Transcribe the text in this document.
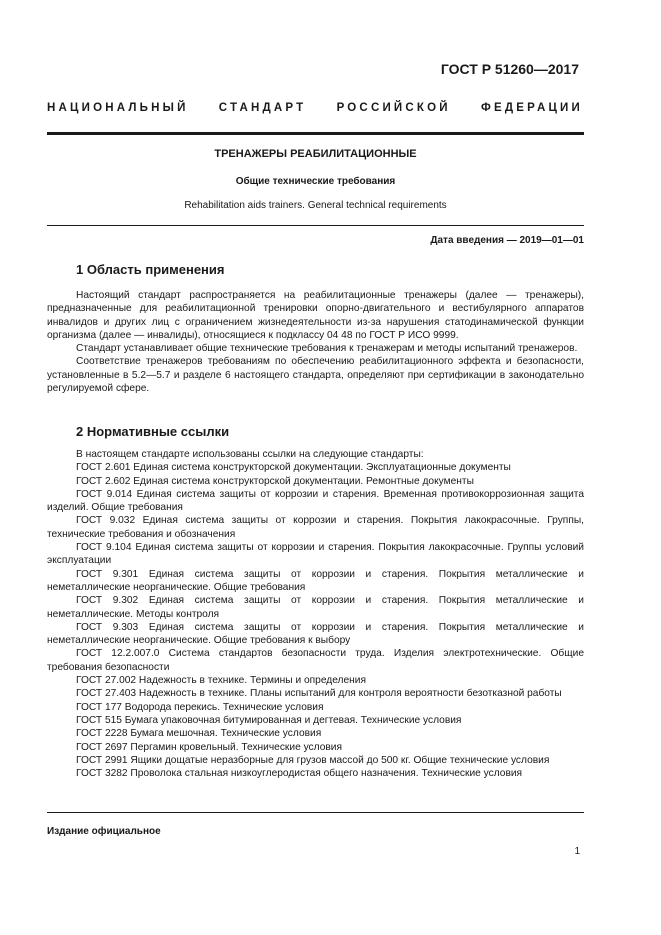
ГОСТ Р 51260—2017
НАЦИОНАЛЬНЫЙ СТАНДАРТ РОССИЙСКОЙ ФЕДЕРАЦИИ
ТРЕНАЖЕРЫ РЕАБИЛИТАЦИОННЫЕ
Общие технические требования
Rehabilitation aids trainers. General technical requirements
Дата введения — 2019—01—01
1 Область применения

Настоящий стандарт распространяется на реабилитационные тренажеры (далее — тренажеры), предназначенные для реабилитационной тренировки опорно-двигательного и вестибулярного аппаратов инвалидов и других лиц с ограничением жизнедеятельности из-за нарушения статодинамической функции организма (далее — инвалиды), относящиеся к подклассу 04 48 по ГОСТ Р ИСО 9999.

Стандарт устанавливает общие технические требования к тренажерам и методы испытаний тренажеров.

Соответствие тренажеров требованиям по обеспечению реабилитационного эффекта и безопасности, установленные в 5.2—5.7 и разделе 6 настоящего стандарта, определяют при сертификации в законодательно регулируемой сфере.

2 Нормативные ссылки

В настоящем стандарте использованы ссылки на следующие стандарты:

ГОСТ 2.601 Единая система конструкторской документации. Эксплуатационные документы

ГОСТ 2.602 Единая система конструкторской документации. Ремонтные документы

ГОСТ 9.014 Единая система защиты от коррозии и старения. Временная противокоррозионная защита изделий. Общие требования

ГОСТ 9.032 Единая система защиты от коррозии и старения. Покрытия лакокрасочные. Группы, технические требования и обозначения

ГОСТ 9.104 Единая система защиты от коррозии и старения. Покрытия лакокрасочные. Группы условий эксплуатации

ГОСТ 9.301 Единая система защиты от коррозии и старения. Покрытия металлические и неметаллические неорганические. Общие требования

ГОСТ 9.302 Единая система защиты от коррозии и старения. Покрытия металлические и неметаллические. Методы контроля

ГОСТ 9.303 Единая система защиты от коррозии и старения. Покрытия металлические и неметаллические неорганические. Общие требования к выбору

ГОСТ 12.2.007.0 Система стандартов безопасности труда. Изделия электротехнические. Общие требования безопасности

ГОСТ 27.002 Надежность в технике. Термины и определения

ГОСТ 27.403 Надежность в технике. Планы испытаний для контроля вероятности безотказной работы

ГОСТ 177 Водорода перекись. Технические условия

ГОСТ 515 Бумага упаковочная битумированная и дегтевая. Технические условия

ГОСТ 2228 Бумага мешочная. Технические условия

ГОСТ 2697 Пергамин кровельный. Технические условия

ГОСТ 2991 Ящики дощатые неразборные для грузов массой до 500 кг. Общие технические условия

ГОСТ 3282 Проволока стальная низкоуглеродистая общего назначения. Технические условия

Издание официальное
1
